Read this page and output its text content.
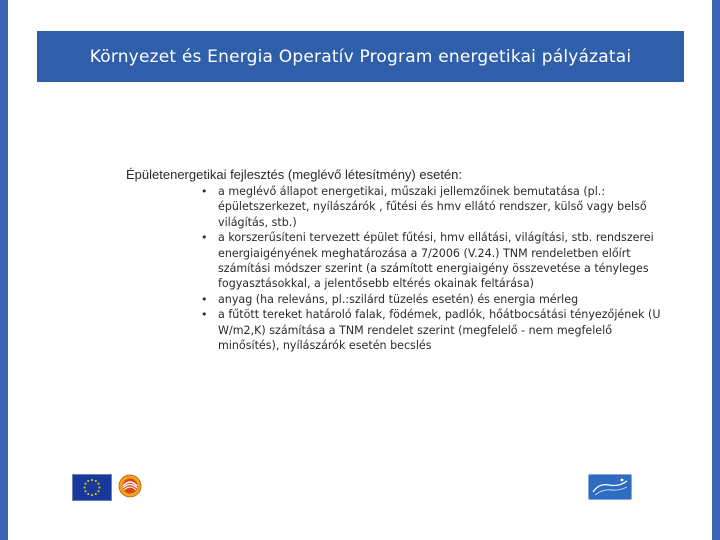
Környezet és Energia Operatív Program energetikai pályázatai

Épületenergetikai fejlesztés (meglévő létesítmény) esetén:

• a meglévő állapot energetikai, műszaki jellemzőinek bemutatása (pl.: épületszerkezet, nyílászárók , fűtési és hmv ellátó rendszer, külső vagy belső világítás, stb.)
• a korszerűsíteni tervezett épület fűtési, hmv ellátási, világítási, stb. rendszerei energiaigényének meghatározása a 7/2006 (V.24.) TNM rendeletben előírt számítási módszer szerint (a számított energiaigény összevetése a tényleges fogyasztásokkal, a jelentősebb eltérés okainak feltárása)
• anyag (ha releváns, pl.:szilárd tüzelés esetén) és energia mérleg
• a fűtött tereket határoló falak, födémek, padlók, hőátbocsátási tényezőjének (U W/m2,K) számítása a TNM rendelet szerint (megfelelő - nem megfelelő minősítés), nyílászárók esetén becslés
